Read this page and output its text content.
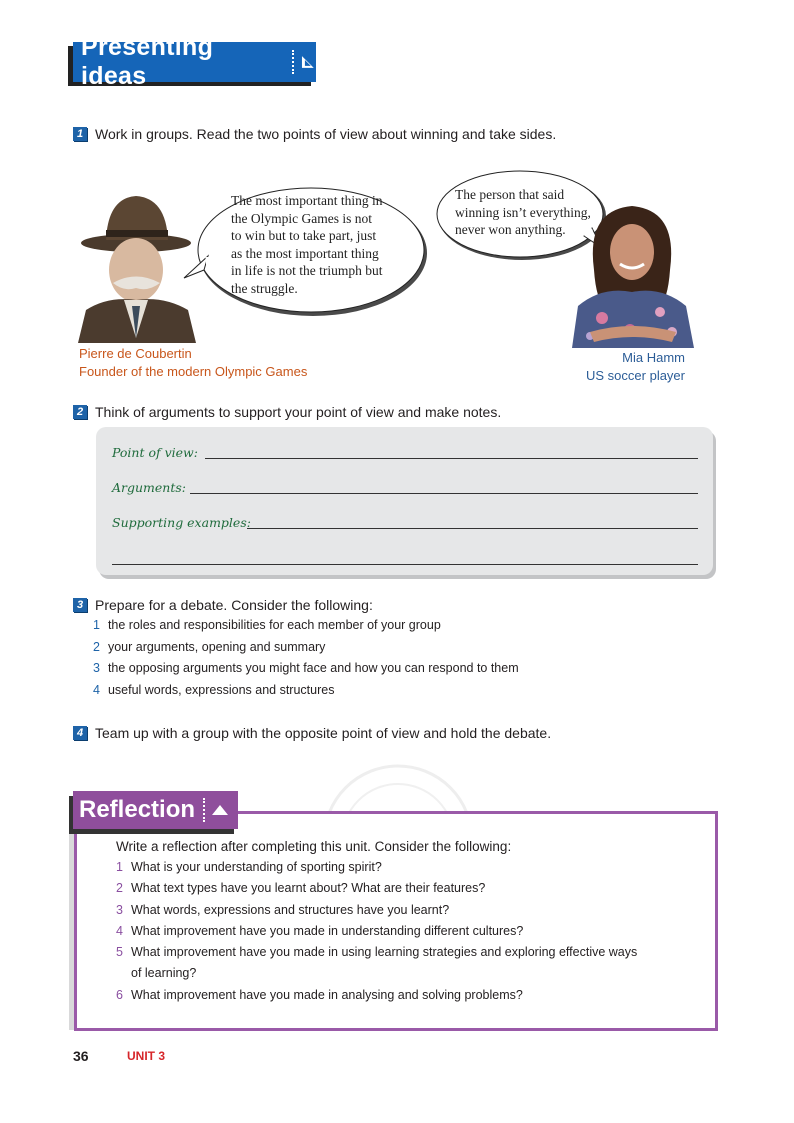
Presenting ideas
1 Work in groups. Read the two points of view about winning and take sides.
The most important thing in
the Olympic Games is not
to win but to take part, just
as the most important thing
in life is not the triumph but
the struggle.
The person that said
winning isn’t everything,
never won anything.
Pierre de Coubertin
Founder of the modern Olympic Games
Mia Hamm
US soccer player
2 Think of arguments to support your point of view and make notes.
Point of view:
Arguments:
Supporting examples:
3 Prepare for a debate. Consider the following:
1 the roles and responsibilities for each member of your group
2 your arguments, opening and summary
3 the opposing arguments you might face and how you can respond to them
4 useful words, expressions and structures
4 Team up with a group with the opposite point of view and hold the debate.
Reflection
Write a reflection after completing this unit. Consider the following:
1 What is your understanding of sporting spirit?
2 What text types have you learnt about? What are their features?
3 What words, expressions and structures have you learnt?
4 What improvement have you made in understanding different cultures?
5 What improvement have you made in using learning strategies and exploring effective ways
of learning?
6 What improvement have you made in analysing and solving problems?
36	UNIT 3
